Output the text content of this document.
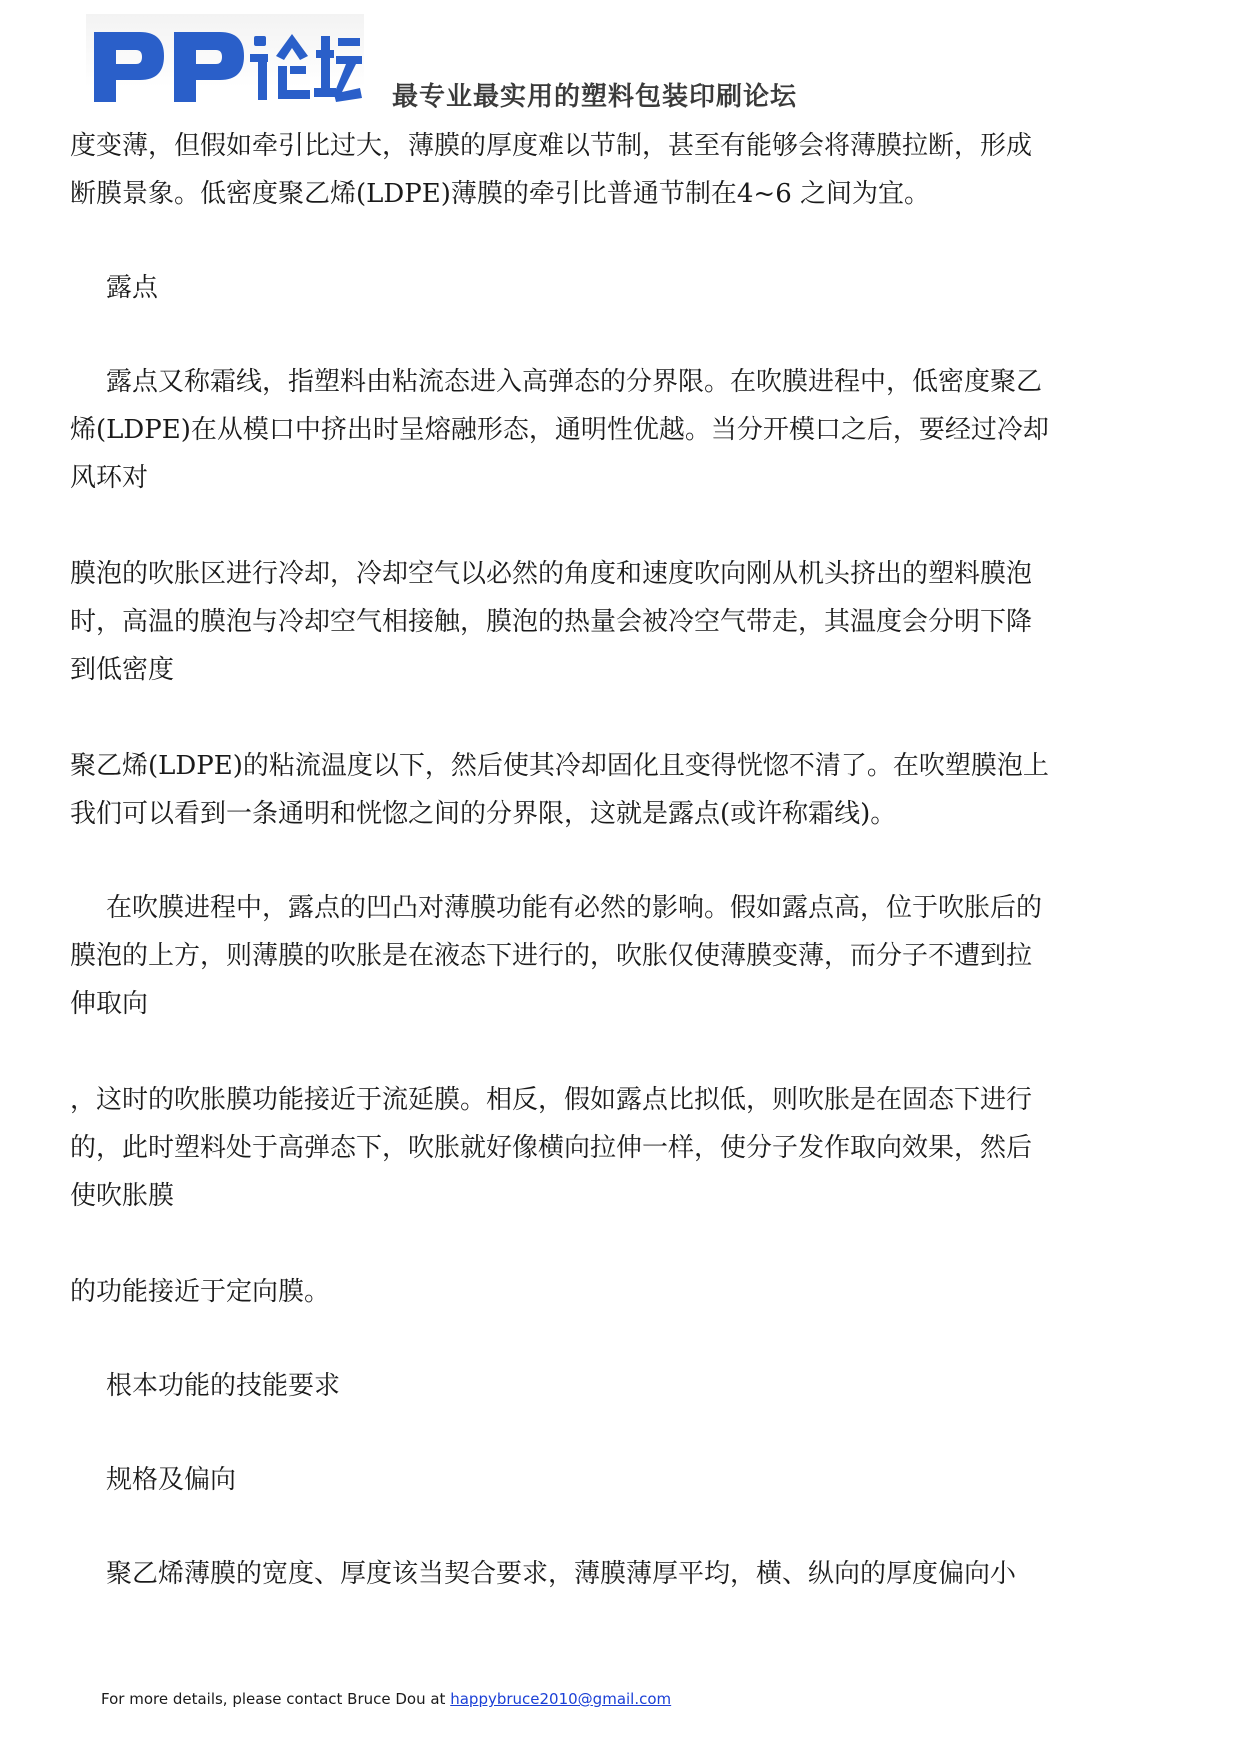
最专业最实用的塑料包装印刷论坛
度变薄，但假如牵引比过大，薄膜的厚度难以节制，甚至有能够会将薄膜拉断，形成
断膜景象。低密度聚乙烯(LDPE)薄膜的牵引比普通节制在4~6 之间为宜。
露点
露点又称霜线，指塑料由粘流态进入高弹态的分界限。在吹膜进程中，低密度聚乙
烯(LDPE)在从模口中挤出时呈熔融形态，通明性优越。当分开模口之后，要经过冷却
风环对
膜泡的吹胀区进行冷却，冷却空气以必然的角度和速度吹向刚从机头挤出的塑料膜泡
时，高温的膜泡与冷却空气相接触，膜泡的热量会被冷空气带走，其温度会分明下降
到低密度
聚乙烯(LDPE)的粘流温度以下，然后使其冷却固化且变得恍惚不清了。在吹塑膜泡上
我们可以看到一条通明和恍惚之间的分界限，这就是露点(或许称霜线)。
在吹膜进程中，露点的凹凸对薄膜功能有必然的影响。假如露点高，位于吹胀后的
膜泡的上方，则薄膜的吹胀是在液态下进行的，吹胀仅使薄膜变薄，而分子不遭到拉
伸取向
，这时的吹胀膜功能接近于流延膜。相反，假如露点比拟低，则吹胀是在固态下进行
的，此时塑料处于高弹态下，吹胀就好像横向拉伸一样，使分子发作取向效果，然后
使吹胀膜
的功能接近于定向膜。
根本功能的技能要求
规格及偏向
聚乙烯薄膜的宽度、厚度该当契合要求，薄膜薄厚平均，横、纵向的厚度偏向小
For more details, please contact Bruce Dou at happybruce2010@gmail.com
